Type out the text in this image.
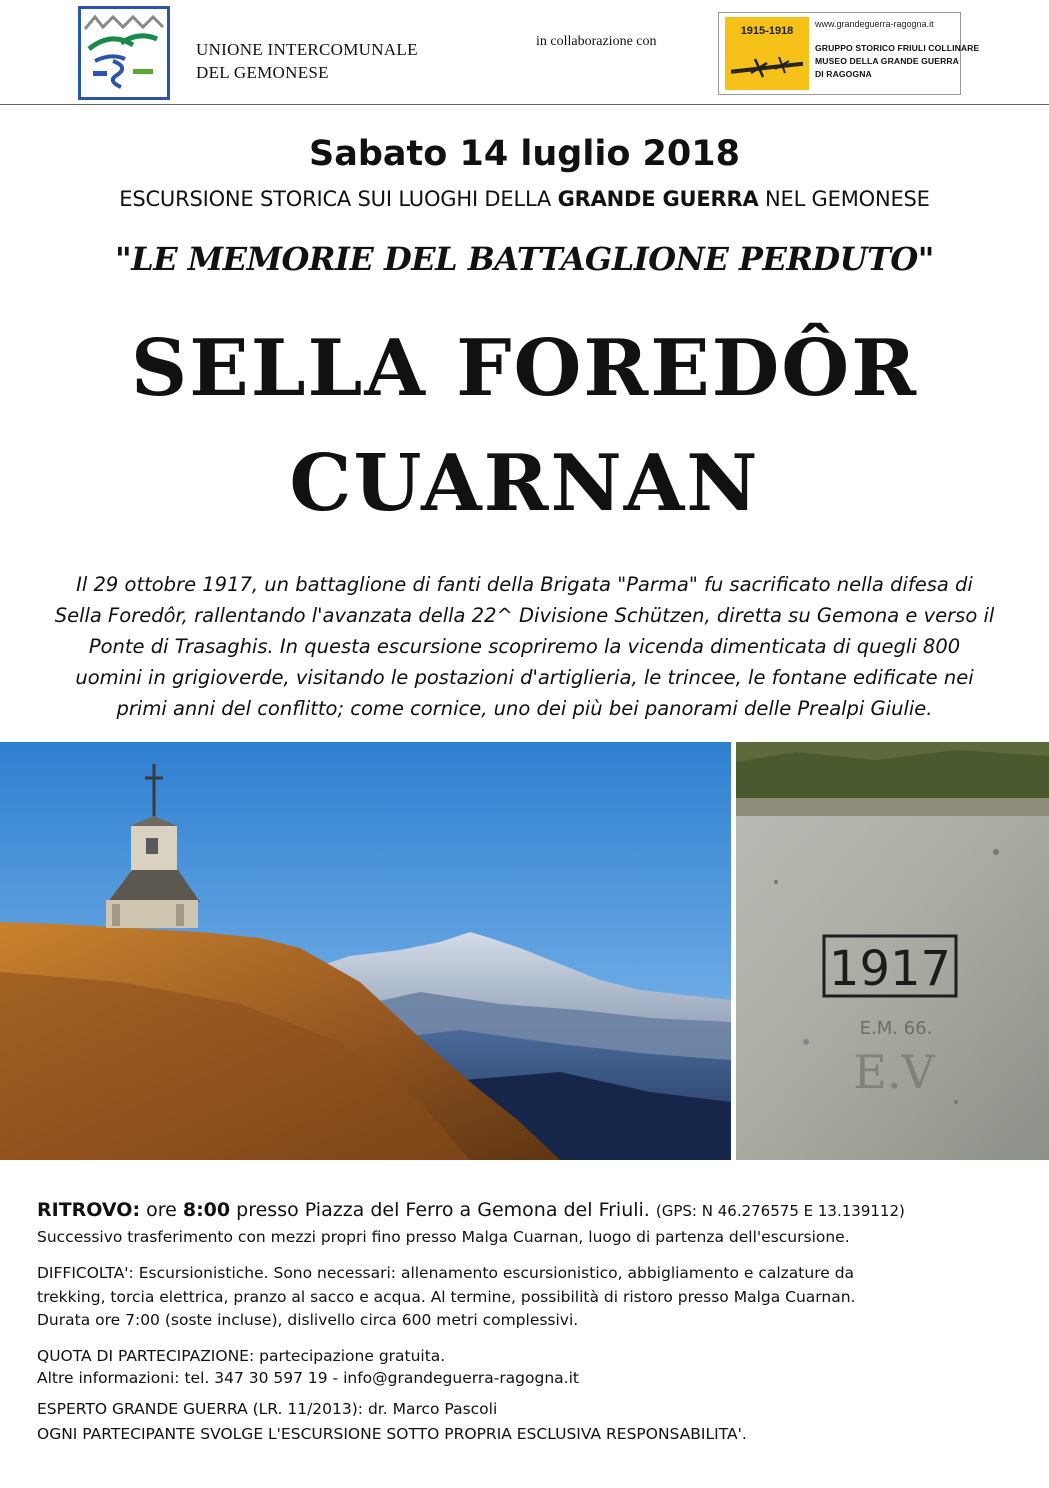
UNIONE INTERCOMUNALE
DEL GEMONESE
in collaborazione con
1915-1918
www.grandeguerra-ragogna.it
GRUPPO STORICO FRIULI COLLINARE
MUSEO DELLA GRANDE GUERRA
DI RAGOGNA
Sabato 14 luglio 2018
ESCURSIONE STORICA SUI LUOGHI DELLA GRANDE GUERRA NEL GEMONESE
"LE MEMORIE DEL BATTAGLIONE PERDUTO"
SELLA FOREDÔR
CUARNAN
Il 29 ottobre 1917, un battaglione di fanti della Brigata "Parma" fu sacrificato nella difesa di
Sella Foredôr, rallentando l'avanzata della 22^ Divisione Schützen, diretta su Gemona e verso il
Ponte di Trasaghis. In questa escursione scopriremo la vicenda dimenticata di quegli 800
uomini in grigioverde, visitando le postazioni d'artiglieria, le trincee, le fontane edificate nei
primi anni del conflitto; come cornice, uno dei più bei panorami delle Prealpi Giulie.
1917
E.M. 66.
E.V
RITROVO: ore 8:00 presso Piazza del Ferro a Gemona del Friuli. (GPS: N 46.276575 E 13.139112)
Successivo trasferimento con mezzi propri fino presso Malga Cuarnan, luogo di partenza dell'escursione.
DIFFICOLTA': Escursionistiche. Sono necessari: allenamento escursionistico, abbigliamento e calzature da
trekking, torcia elettrica, pranzo al sacco e acqua. Al termine, possibilità di ristoro presso Malga Cuarnan.
Durata ore 7:00 (soste incluse), dislivello circa 600 metri complessivi.
QUOTA DI PARTECIPAZIONE: partecipazione gratuita.
Altre informazioni: tel. 347 30 597 19 - info@grandeguerra-ragogna.it
ESPERTO GRANDE GUERRA (LR. 11/2013): dr. Marco Pascoli
OGNI PARTECIPANTE SVOLGE L'ESCURSIONE SOTTO PROPRIA ESCLUSIVA RESPONSABILITA'.
